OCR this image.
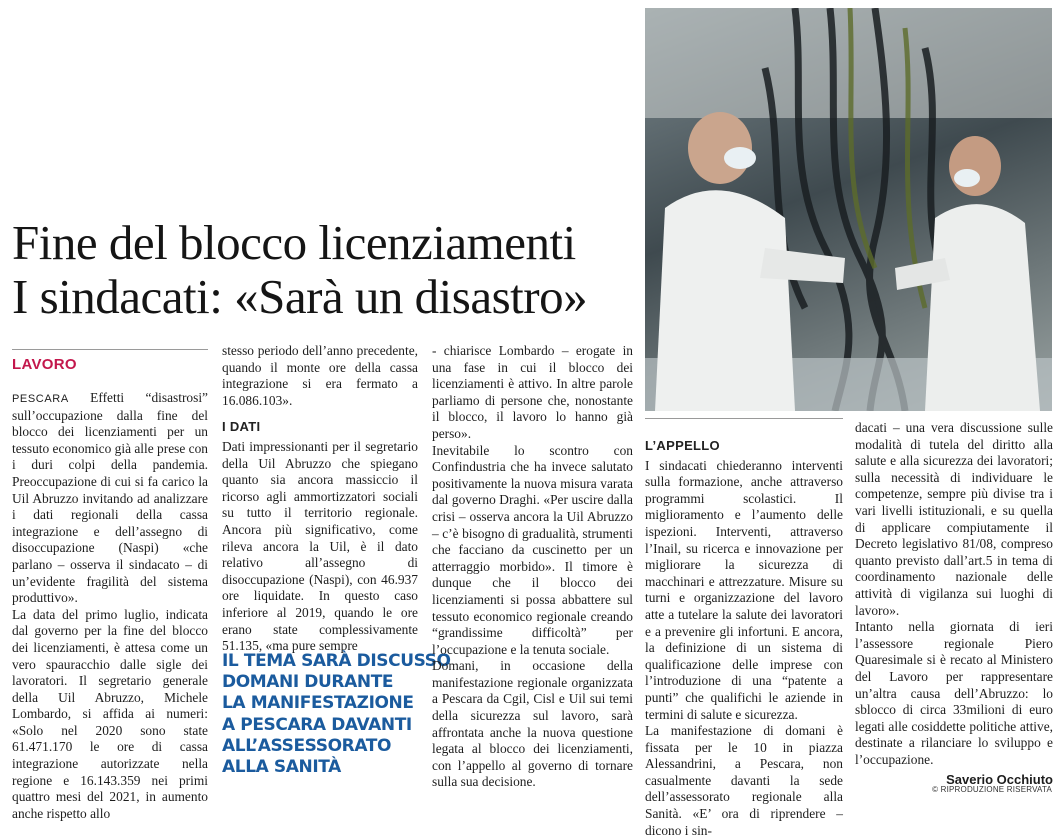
Fine del blocco licenziamenti
I sindacati: «Sarà un disastro»
LAVORO

PESCARA Effetti “disastrosi” sull’occupazione dalla fine del blocco dei licenziamenti per un tessuto economico già alle prese con i duri colpi della pandemia. Preoccupazione di cui si fa carico la Uil Abruzzo invitando ad analizzare i dati regionali della cassa integrazione e dell’assegno di disoccupazione (Naspi) «che parlano – osserva il sindacato – di un’evidente fragilità del sistema produttivo».

La data del primo luglio, indicata dal governo per la fine del blocco dei licenziamenti, è attesa come un vero spauracchio dalle sigle dei lavoratori. Il segretario generale della Uil Abruzzo, Michele Lombardo, si affida ai numeri: «Solo nel 2020 sono state 61.471.170 le ore di cassa integrazione autorizzate nella regione e 16.143.359 nei primi quattro mesi del 2021, in aumento anche rispetto allo

stesso periodo dell’anno precedente, quando il monte ore della cassa integrazione si era fermato a 16.086.103».

I DATI

Dati impressionanti per il segretario della Uil Abruzzo che spiegano quanto sia ancora massiccio il ricorso agli ammortizzatori sociali su tutto il territorio regionale. Ancora più significativo, come rileva ancora la Uil, è il dato relativo all’assegno di disoccupazione (Naspi), con 46.937 ore liquidate. In questo caso inferiore al 2019, quando le ore erano state complessivamente 51.135, «ma pure sempre

IL TEMA SARÀ DISCUSSO
DOMANI DURANTE
LA MANIFESTAZIONE
A PESCARA DAVANTI
ALL’ASSESSORATO
ALLA SANITÀ

- chiarisce Lombardo – erogate in una fase in cui il blocco dei licenziamenti è attivo. In altre parole parliamo di persone che, nonostante il blocco, il lavoro lo hanno già perso».

Inevitabile lo scontro con Confindustria che ha invece salutato positivamente la nuova misura varata dal governo Draghi. «Per uscire dalla crisi – osserva ancora la Uil Abruzzo – c’è bisogno di gradualità, strumenti che facciano da cuscinetto per un atterraggio morbido». Il timore è dunque che il blocco dei licenziamenti si possa abbattere sul tessuto economico regionale creando “grandissime difficoltà” per l’occupazione e la tenuta sociale.

Domani, in occasione della manifestazione regionale organizzata a Pescara da Cgil, Cisl e Uil sui temi della sicurezza sul lavoro, sarà affrontata anche la nuova questione legata al blocco dei licenziamenti, con l’appello al governo di tornare sulla sua decisione.

L’APPELLO

I sindacati chiederanno interventi sulla formazione, anche attraverso programmi scolastici. Il miglioramento e l’aumento delle ispezioni. Interventi, attraverso l’Inail, su ricerca e innovazione per migliorare la sicurezza di macchinari e attrezzature. Misure su turni e organizzazione del lavoro atte a tutelare la salute dei lavoratori e a prevenire gli infortuni. E ancora, la definizione di un sistema di qualificazione delle imprese con l’introduzione di una “patente a punti” che qualifichi le aziende in termini di salute e sicurezza.

La manifestazione di domani è fissata per le 10 in piazza Alessandrini, a Pescara, non casualmente davanti la sede dell’assessorato regionale alla Sanità. «E’ ora di riprendere – dicono i sin-

dacati – una vera discussione sulle modalità di tutela del diritto alla salute e alla sicurezza dei lavoratori; sulla necessità di individuare le competenze, sempre più divise tra i vari livelli istituzionali, e su quella di applicare compiutamente il Decreto legislativo 81/08, compreso quanto previsto dall’art.5 in tema di coordinamento nazionale delle attività di vigilanza sui luoghi di lavoro».

Intanto nella giornata di ieri l’assessore regionale Piero Quaresimale si è recato al Ministero del Lavoro per rappresentare un’altra causa dell’Abruzzo: lo sblocco di circa 33milioni di euro legati alle cosiddette politiche attive, destinate a rilanciare lo sviluppo e l’occupazione.

Saverio Occhiuto
© RIPRODUZIONE RISERVATA
